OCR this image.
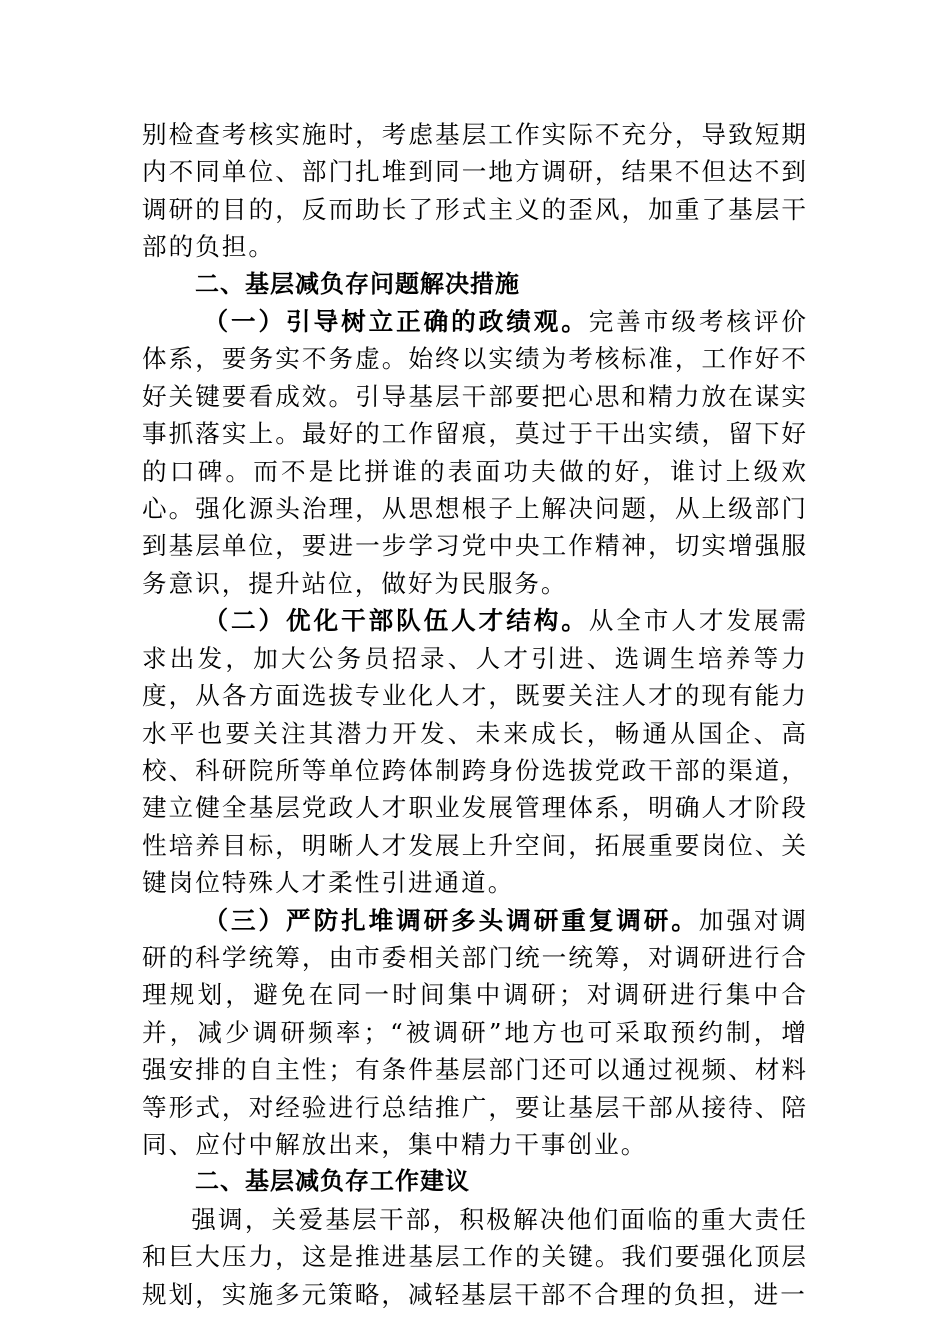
别检查考核实施时，考虑基层工作实际不充分，导致短期内不同单位、部门扎堆到同一地方调研，结果不但达不到调研的目的，反而助长了形式主义的歪风，加重了基层干部的负担。

二、基层减负存问题解决措施

（一）引导树立正确的政绩观。完善市级考核评价体系，要务实不务虚。始终以实绩为考核标准，工作好不好关键要看成效。引导基层干部要把心思和精力放在谋实事抓落实上。最好的工作留痕，莫过于干出实绩，留下好的口碑。而不是比拼谁的表面功夫做的好，谁讨上级欢心。强化源头治理，从思想根子上解决问题，从上级部门到基层单位，要进一步学习党中央工作精神，切实增强服务意识，提升站位，做好为民服务。

（二）优化干部队伍人才结构。从全市人才发展需求出发，加大公务员招录、人才引进、选调生培养等力度，从各方面选拔专业化人才，既要关注人才的现有能力水平也要关注其潜力开发、未来成长，畅通从国企、高校、科研院所等单位跨体制跨身份选拔党政干部的渠道，建立健全基层党政人才职业发展管理体系，明确人才阶段性培养目标，明晰人才发展上升空间，拓展重要岗位、关键岗位特殊人才柔性引进通道。

（三）严防扎堆调研多头调研重复调研。加强对调研的科学统筹，由市委相关部门统一统筹，对调研进行合理规划，避免在同一时间集中调研；对调研进行集中合并，减少调研频率；“被调研”地方也可采取预约制，增强安排的自主性；有条件基层部门还可以通过视频、材料等形式，对经验进行总结推广，要让基层干部从接待、陪同、应付中解放出来，集中精力干事创业。

二、基层减负存工作建议

强调，关爱基层干部，积极解决他们面临的重大责任和巨大压力，这是推进基层工作的关键。我们要强化顶层规划，实施多元策略，减轻基层干部不合理的负担，进一
